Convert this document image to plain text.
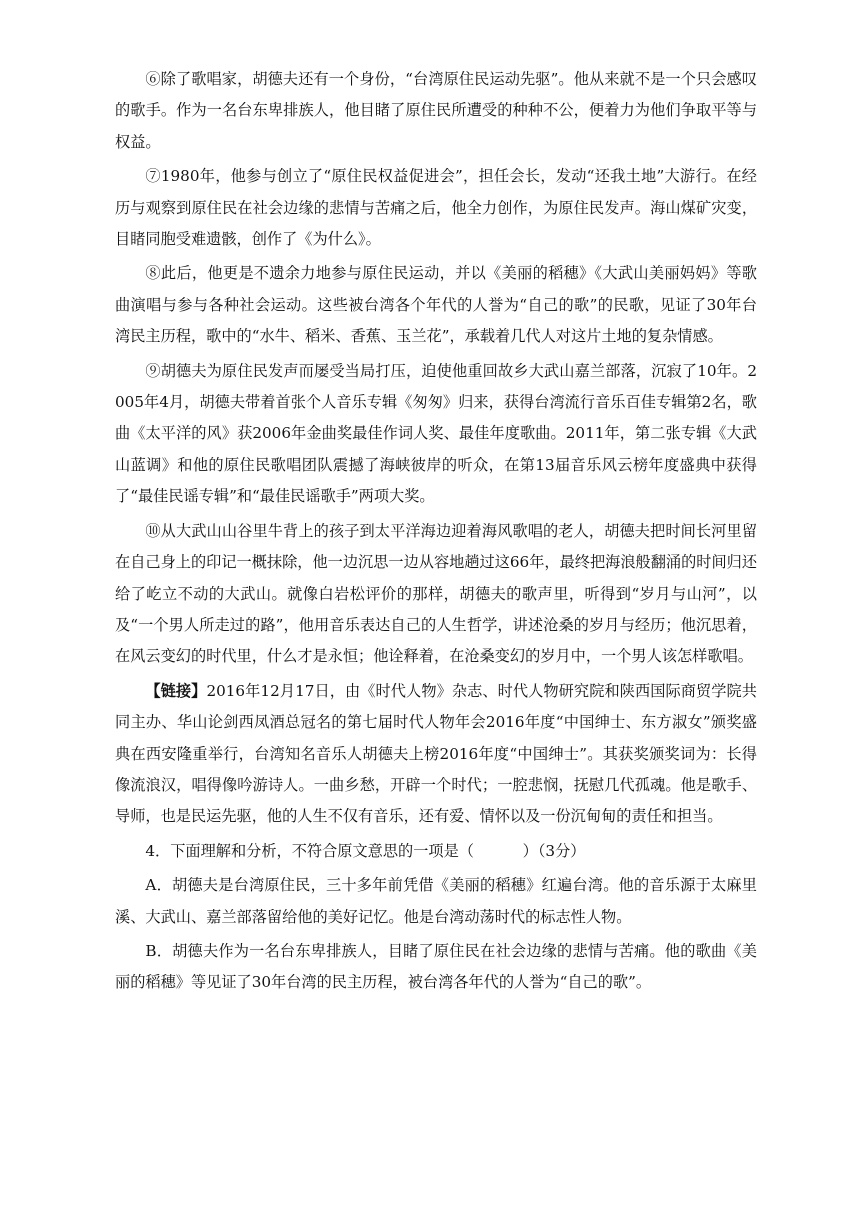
⑥除了歌唱家，胡德夫还有一个身份，“台湾原住民运动先驱”。他从来就不是一个只会感叹的歌手。作为一名台东卑排族人，他目睹了原住民所遭受的种种不公，便着力为他们争取平等与权益。

⑦1980年，他参与创立了“原住民权益促进会”，担任会长，发动“还我土地”大游行。在经历与观察到原住民在社会边缘的悲情与苦痛之后，他全力创作，为原住民发声。海山煤矿灾变，目睹同胞受难遗骸，创作了《为什么》。

⑧此后，他更是不遗余力地参与原住民运动，并以《美丽的稻穗》《大武山美丽妈妈》等歌曲演唱与参与各种社会运动。这些被台湾各个年代的人誉为“自己的歌”的民歌，见证了30年台湾民主历程，歌中的“水牛、稻米、香蕉、玉兰花”，承载着几代人对这片土地的复杂情感。

⑨胡德夫为原住民发声而屡受当局打压，迫使他重回故乡大武山嘉兰部落，沉寂了10年。2005年4月，胡德夫带着首张个人音乐专辑《匆匆》归来，获得台湾流行音乐百佳专辑第2名，歌曲《太平洋的风》获2006年金曲奖最佳作词人奖、最佳年度歌曲。2011年，第二张专辑《大武山蓝调》和他的原住民歌唱团队震撼了海峡彼岸的听众，在第13届音乐风云榜年度盛典中获得了“最佳民谣专辑”和“最佳民谣歌手”两项大奖。

⑩从大武山山谷里牛背上的孩子到太平洋海边迎着海风歌唱的老人，胡德夫把时间长河里留在自己身上的印记一概抹除，他一边沉思一边从容地趟过这66年，最终把海浪般翻涌的时间归还给了屹立不动的大武山。就像白岩松评价的那样，胡德夫的歌声里，听得到“岁月与山河”，以及“一个男人所走过的路”，他用音乐表达自己的人生哲学，讲述沧桑的岁月与经历；他沉思着，在风云变幻的时代里，什么才是永恒；他诠释着，在沧桑变幻的岁月中，一个男人该怎样歌唱。

【链接】2016年12月17日，由《时代人物》杂志、时代人物研究院和陕西国际商贸学院共同主办、华山论剑西凤酒总冠名的第七届时代人物年会2016年度“中国绅士、东方淑女”颁奖盛典在西安隆重举行，台湾知名音乐人胡德夫上榜2016年度“中国绅士”。其获奖颁奖词为：长得像流浪汉，唱得像吟游诗人。一曲乡愁，开辟一个时代；一腔悲悯，抚慰几代孤魂。他是歌手、导师，也是民运先驱，他的人生不仅有音乐，还有爱、情怀以及一份沉甸甸的责任和担当。

4．下面理解和分析，不符合原文意思的一项是（	）（3分）

A．胡德夫是台湾原住民，三十多年前凭借《美丽的稻穗》红遍台湾。他的音乐源于太麻里溪、大武山、嘉兰部落留给他的美好记忆。他是台湾动荡时代的标志性人物。

B．胡德夫作为一名台东卑排族人，目睹了原住民在社会边缘的悲情与苦痛。他的歌曲《美丽的稻穗》等见证了30年台湾的民主历程，被台湾各年代的人誉为“自己的歌”。
